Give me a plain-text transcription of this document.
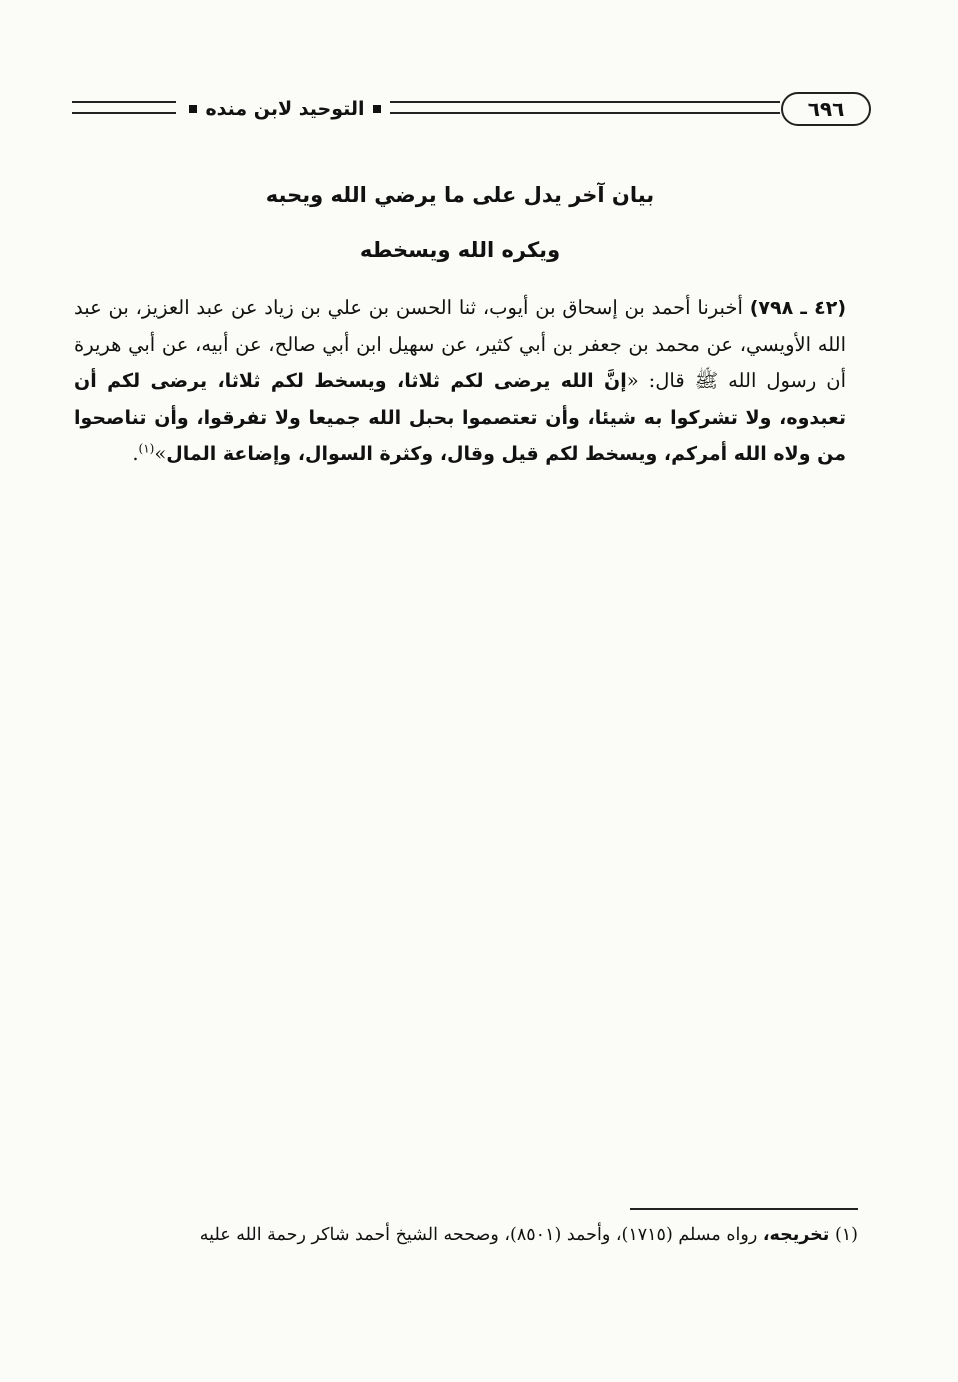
٦٩٦
التوحيد لابن منده
بيان آخر يدل على ما يرضي الله ويحبه
ويكره الله ويسخطه
(٤٢ ـ ٧٩٨) أخبرنا أحمد بن إسحاق بن أيوب، ثنا الحسن بن علي بن زياد عن عبد العزيز، بن عبد الله الأويسي، عن محمد بن جعفر بن أبي كثير، عن سهيل ابن أبي صالح، عن أبيه، عن أبي هريرة أن رسول الله ﷺ قال: «إنَّ الله يرضى لكم ثلاثا، ويسخط لكم ثلاثا، يرضى لكم أن تعبدوه، ولا تشركوا به شيئا، وأن تعتصموا بحبل الله جميعا ولا تفرقوا، وأن تناصحوا من ولاه الله أمركم، ويسخط لكم قيل وقال، وكثرة السوال، وإضاعة المال»$^{(١)}$.
(١) تخريجه، رواه مسلم (١٧١٥)، وأحمد (٨٥٠١)، وصححه الشيخ أحمد شاكر رحمة الله عليه
